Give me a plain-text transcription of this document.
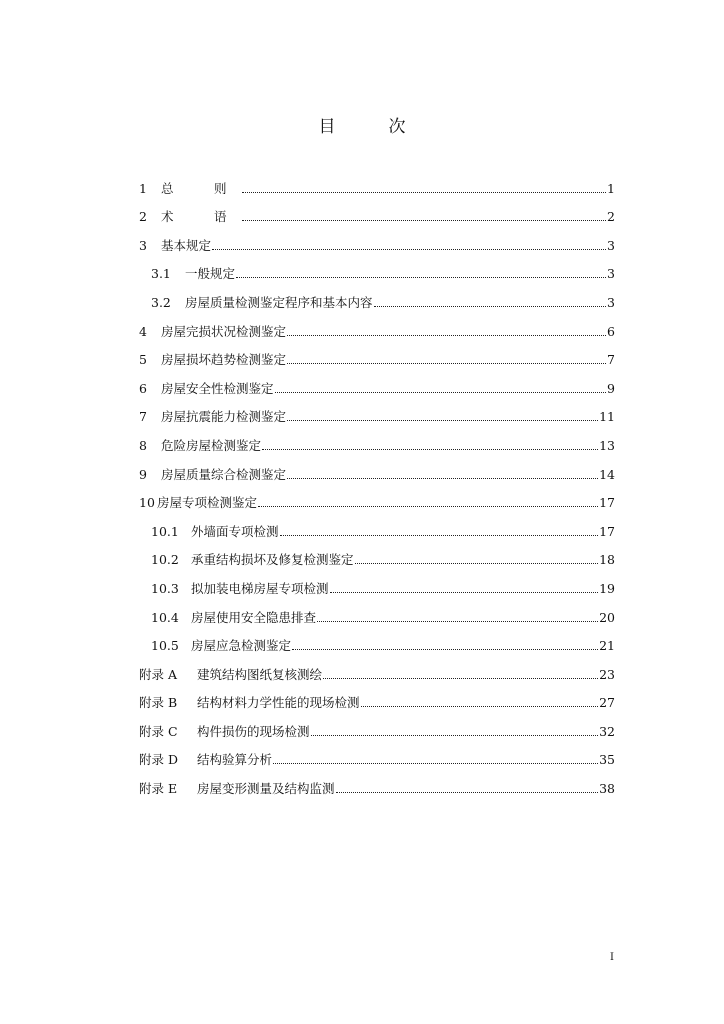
目　次
1	总　则	1
2	术　语	2
3	基本规定	3
3.1	一般规定	3
3.2	房屋质量检测鉴定程序和基本内容	3
4	房屋完损状况检测鉴定	6
5	房屋损坏趋势检测鉴定	7
6	房屋安全性检测鉴定	9
7	房屋抗震能力检测鉴定	11
8	危险房屋检测鉴定	13
9	房屋质量综合检测鉴定	14
10 房屋专项检测鉴定	17
10.1 外墙面专项检测	17
10.2 承重结构损坏及修复检测鉴定	18
10.3 拟加装电梯房屋专项检测	19
10.4 房屋使用安全隐患排查	20
10.5 房屋应急检测鉴定	21
附录 A	建筑结构图纸复核测绘	23
附录 B	结构材料力学性能的现场检测	27
附录 C	构件损伤的现场检测	32
附录 D	结构验算分析	35
附录 E	房屋变形测量及结构监测	38
I
